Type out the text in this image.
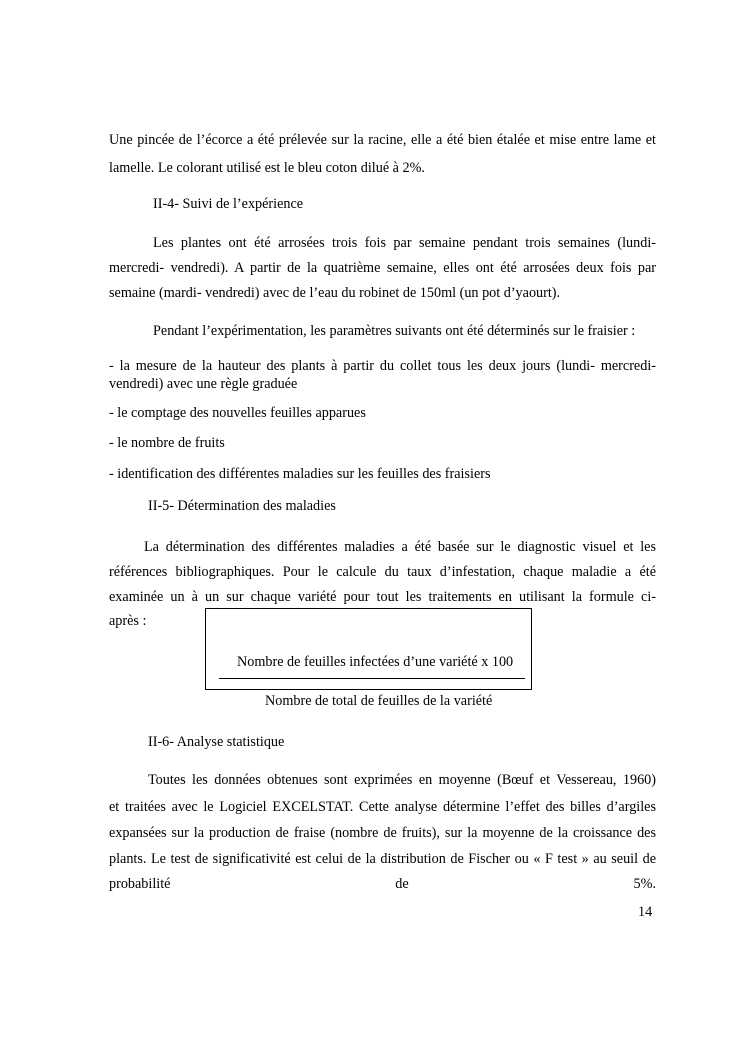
Une pincée de l’écorce a été prélevée sur la racine, elle a été bien étalée et mise entre lame et
lamelle. Le colorant utilisé est le bleu coton dilué à 2%.
II-4- Suivi de l’expérience
Les plantes ont été arrosées trois fois par semaine pendant trois semaines (lundi-
mercredi- vendredi). A partir de la quatrième semaine, elles ont été arrosées deux fois par
semaine (mardi- vendredi) avec de l’eau du robinet de 150ml (un pot d’yaourt).
Pendant l’expérimentation, les paramètres suivants ont été déterminés sur le fraisier :
- la mesure de la hauteur des plants à partir du collet tous les deux jours (lundi- mercredi-
vendredi) avec une règle graduée
- le comptage des nouvelles feuilles apparues
- le nombre de fruits
- identification des différentes maladies sur les feuilles des fraisiers
II-5- Détermination des maladies
La détermination des différentes maladies a été basée sur le diagnostic visuel et les
références bibliographiques. Pour le calcule du taux d’infestation, chaque maladie a été
examinée un à un sur chaque variété pour tout les traitements en utilisant la formule ci-
après :
Nombre de feuilles infectées d’une variété x 100
Nombre de total de feuilles de la variété
II-6- Analyse statistique
Toutes les données obtenues sont exprimées en moyenne (Bœuf et Vessereau, 1960)
et traitées avec le Logiciel EXCELSTAT. Cette analyse détermine l’effet des billes d’argiles
expansées sur la production de fraise (nombre de fruits), sur la moyenne de la croissance des
plants. Le test de significativité est celui de la distribution de Fischer ou « F test » au seuil de
probabilité de 5%.
14
